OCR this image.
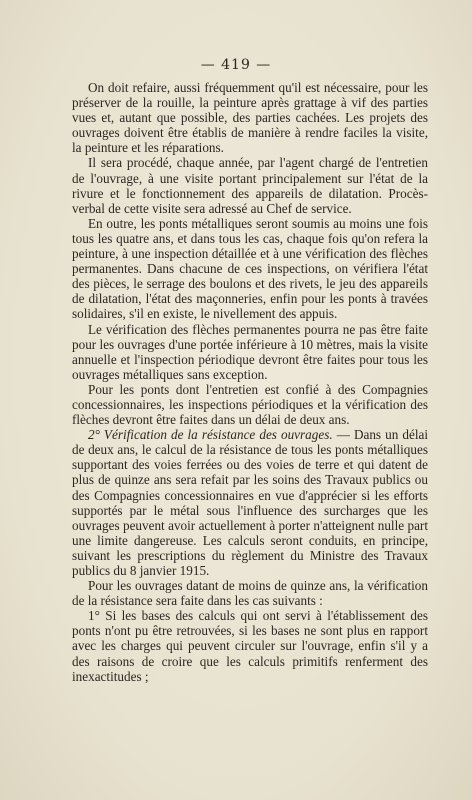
— 419 —

On doit refaire, aussi fréquemment qu'il est nécessaire, pour les préserver de la rouille, la peinture après grattage à vif des parties vues et, autant que possible, des parties cachées. Les projets des ouvrages doivent être établis de manière à rendre faciles la visite, la peinture et les réparations.

Il sera procédé, chaque année, par l'agent chargé de l'entretien de l'ouvrage, à une visite portant principalement sur l'état de la rivure et le fonctionnement des appareils de dilatation. Procès-verbal de cette visite sera adressé au Chef de service.

En outre, les ponts métalliques seront soumis au moins une fois tous les quatre ans, et dans tous les cas, chaque fois qu'on refera la peinture, à une inspection détaillée et à une vérification des flèches permanentes. Dans chacune de ces inspections, on vérifiera l'état des pièces, le serrage des boulons et des rivets, le jeu des appareils de dilatation, l'état des maçonneries, enfin pour les ponts à travées solidaires, s'il en existe, le nivellement des appuis.

Le vérification des flèches permanentes pourra ne pas être faite pour les ouvrages d'une portée inférieure à 10 mètres, mais la visite annuelle et l'inspection périodique devront être faites pour tous les ouvrages métalliques sans exception.

Pour les ponts dont l'entretien est confié à des Compagnies concessionnaires, les inspections périodiques et la vérification des flèches devront être faites dans un délai de deux ans.

2° Vérification de la résistance des ouvrages. — Dans un délai de deux ans, le calcul de la résistance de tous les ponts métalliques supportant des voies ferrées ou des voies de terre et qui datent de plus de quinze ans sera refait par les soins des Travaux publics ou des Compagnies concessionnaires en vue d'apprécier si les efforts supportés par le métal sous l'influence des surcharges que les ouvrages peuvent avoir actuellement à porter n'atteignent nulle part une limite dangereuse. Les calculs seront conduits, en principe, suivant les prescriptions du règlement du Ministre des Travaux publics du 8 janvier 1915.

Pour les ouvrages datant de moins de quinze ans, la vérification de la résistance sera faite dans les cas suivants :

1° Si les bases des calculs qui ont servi à l'établissement des ponts n'ont pu être retrouvées, si les bases ne sont plus en rapport avec les charges qui peuvent circuler sur l'ouvrage, enfin s'il y a des raisons de croire que les calculs primitifs renferment des inexactitudes ;
